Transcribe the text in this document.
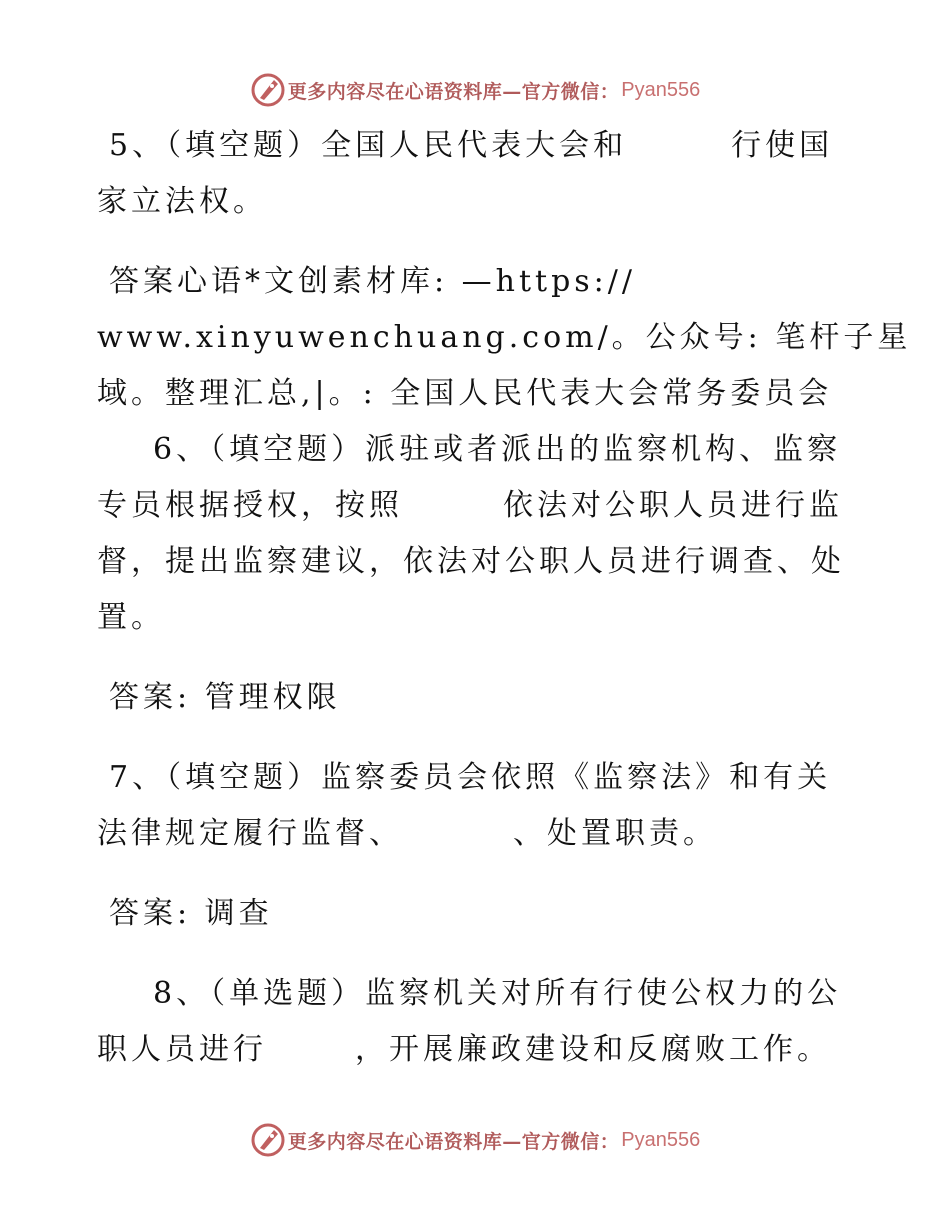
更多内容尽在心语资料库—官方微信： Pyan556
5、（填空题）全国人民代表大会和	行使国
家立法权。
答案心语*文创素材库: —https://
www.xinyuwenchuang.com/。公众号: 笔杆子星
域。整理汇总,|。: 全国人民代表大会常务委员会
6、（填空题）派驻或者派出的监察机构、监察
专员根据授权，按照	依法对公职人员进行监
督，提出监察建议，依法对公职人员进行调查、处
置。
答案: 管理权限
7、（填空题）监察委员会依照《监察法》和有关
法律规定履行监督、	、处置职责。
答案: 调查
8、（单选题）监察机关对所有行使公权力的公
职人员进行	，开展廉政建设和反腐败工作。
更多内容尽在心语资料库—官方微信： Pyan556
